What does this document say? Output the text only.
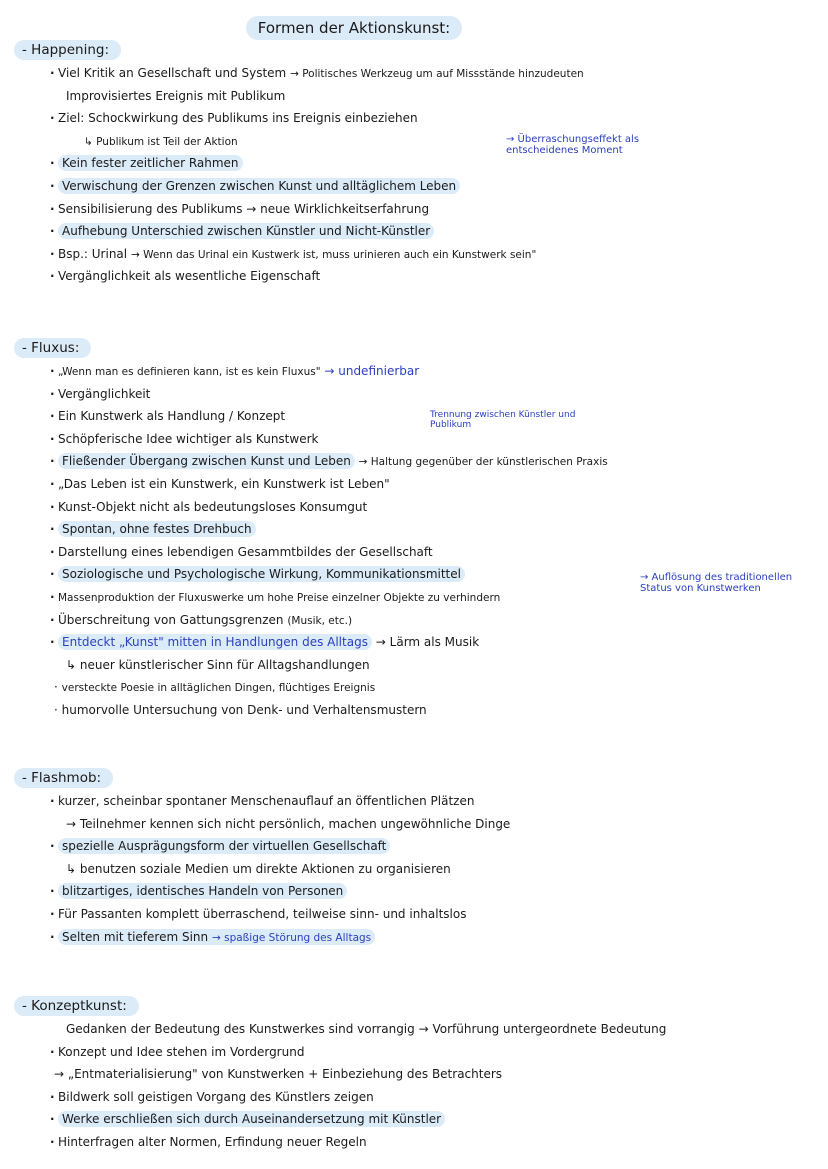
Formen der Aktionskunst:
- Happening:
· Viel Kritik an Gesellschaft und System → Politisches Werkzeug um auf Missstände hinzudeuten
Improvisiertes Ereignis mit Publikum
· Ziel: Schockwirkung des Publikums ins Ereignis einbeziehen
↳ Publikum ist Teil der Aktion
· Kein fester zeitlicher Rahmen
· Verwischung der Grenzen zwischen Kunst und alltäglichem Leben
· Sensibilisierung des Publikums → neue Wirklichkeitserfahrung
· Aufhebung Unterschied zwischen Künstler und Nicht-Künstler
· Bsp.: Urinal → Wenn das Urinal ein Kustwerk ist, muss urinieren auch ein Kunstwerk sein"
· Vergänglichkeit als wesentliche Eigenschaft
→ Überraschungseffekt als entscheidenes Moment
- Fluxus:
· „Wenn man es definieren kann, ist es kein Fluxus" → undefinierbar
· Vergänglichkeit
· Ein Kunstwerk als Handlung / Konzept
· Schöpferische Idee wichtiger als Kunstwerk
· Fließender Übergang zwischen Kunst und Leben → Haltung gegenüber der künstlerischen Praxis
· „Das Leben ist ein Kunstwerk, ein Kunstwerk ist Leben"
· Kunst-Objekt nicht als bedeutungsloses Konsumgut
· Spontan, ohne festes Drehbuch
· Darstellung eines lebendigen Gesammtbildes der Gesellschaft
· Soziologische und Psychologische Wirkung, Kommunikationsmittel
· Massenproduktion der Fluxuswerke um hohe Preise einzelner Objekte zu verhindern
· Überschreitung von Gattungsgrenzen (Musik, etc.)
· Entdeckt „Kunst" mitten in Handlungen des Alltags → Lärm als Musik
↳ neuer künstlerischer Sinn für Alltagshandlungen
· versteckte Poesie in alltäglichen Dingen, flüchtiges Ereignis
· humorvolle Untersuchung von Denk- und Verhaltensmustern
Trennung zwischen Künstler und Publikum
→ Auflösung des traditionellen Status von Kunstwerken
- Flashmob:
· kurzer, scheinbar spontaner Menschenauflauf an öffentlichen Plätzen
→ Teilnehmer kennen sich nicht persönlich, machen ungewöhnliche Dinge
· spezielle Ausprägungsform der virtuellen Gesellschaft
↳ benutzen soziale Medien um direkte Aktionen zu organisieren
· blitzartiges, identisches Handeln von Personen
· Für Passanten komplett überraschend, teilweise sinn- und inhaltslos
· Selten mit tieferem Sinn → spaßige Störung des Alltags
- Konzeptkunst:
Gedanken der Bedeutung des Kunstwerkes sind vorrangig → Vorführung untergeordnete Bedeutung
· Konzept und Idee stehen im Vordergrund
→ „Entmaterialisierung" von Kunstwerken + Einbeziehung des Betrachters
· Bildwerk soll geistigen Vorgang des Künstlers zeigen
· Werke erschließen sich durch Auseinandersetzung mit Künstler
· Hinterfragen alter Normen, Erfindung neuer Regeln
